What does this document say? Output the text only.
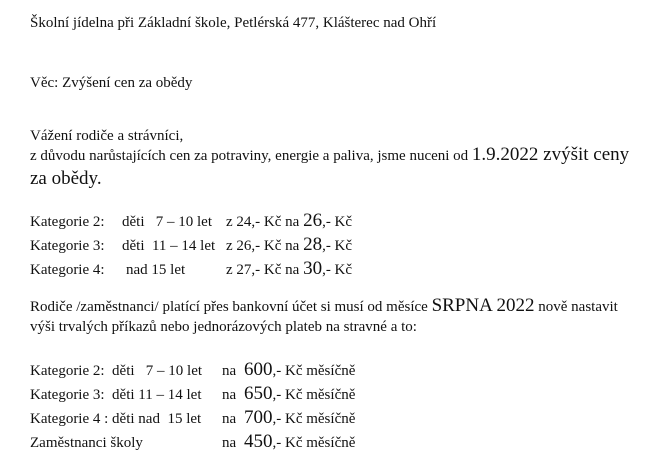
Školní jídelna při Základní škole, Petlérská 477, Klášterec nad Ohří
Věc: Zvýšení cen za obědy
Vážení rodiče a strávníci,
z důvodu narůstajících cen za potraviny, energie a paliva, jsme nuceni od 1.9.2022 zvýšit ceny
za obědy.
Kategorie 2: děti   7 – 10 let z 24,- Kč na 26,- Kč
Kategorie 3: děti  11 – 14 let z 26,- Kč na 28,- Kč
Kategorie 4: nad 15 let	z 27,- Kč na 30,- Kč
Rodiče /zaměstnanci/ platící přes bankovní účet si musí od měsíce SRPNA 2022 nově nastavit
výši trvalých příkazů nebo jednorázových plateb na stravné a to:
Kategorie 2:  děti   7 – 10 let na 600,- Kč měsíčně
Kategorie 3:  děti 11 – 14 let na 650,- Kč měsíčně
Kategorie 4 : děti nad  15 let na 700,- Kč měsíčně
Zaměstnanci školy	na 450,- Kč měsíčně
